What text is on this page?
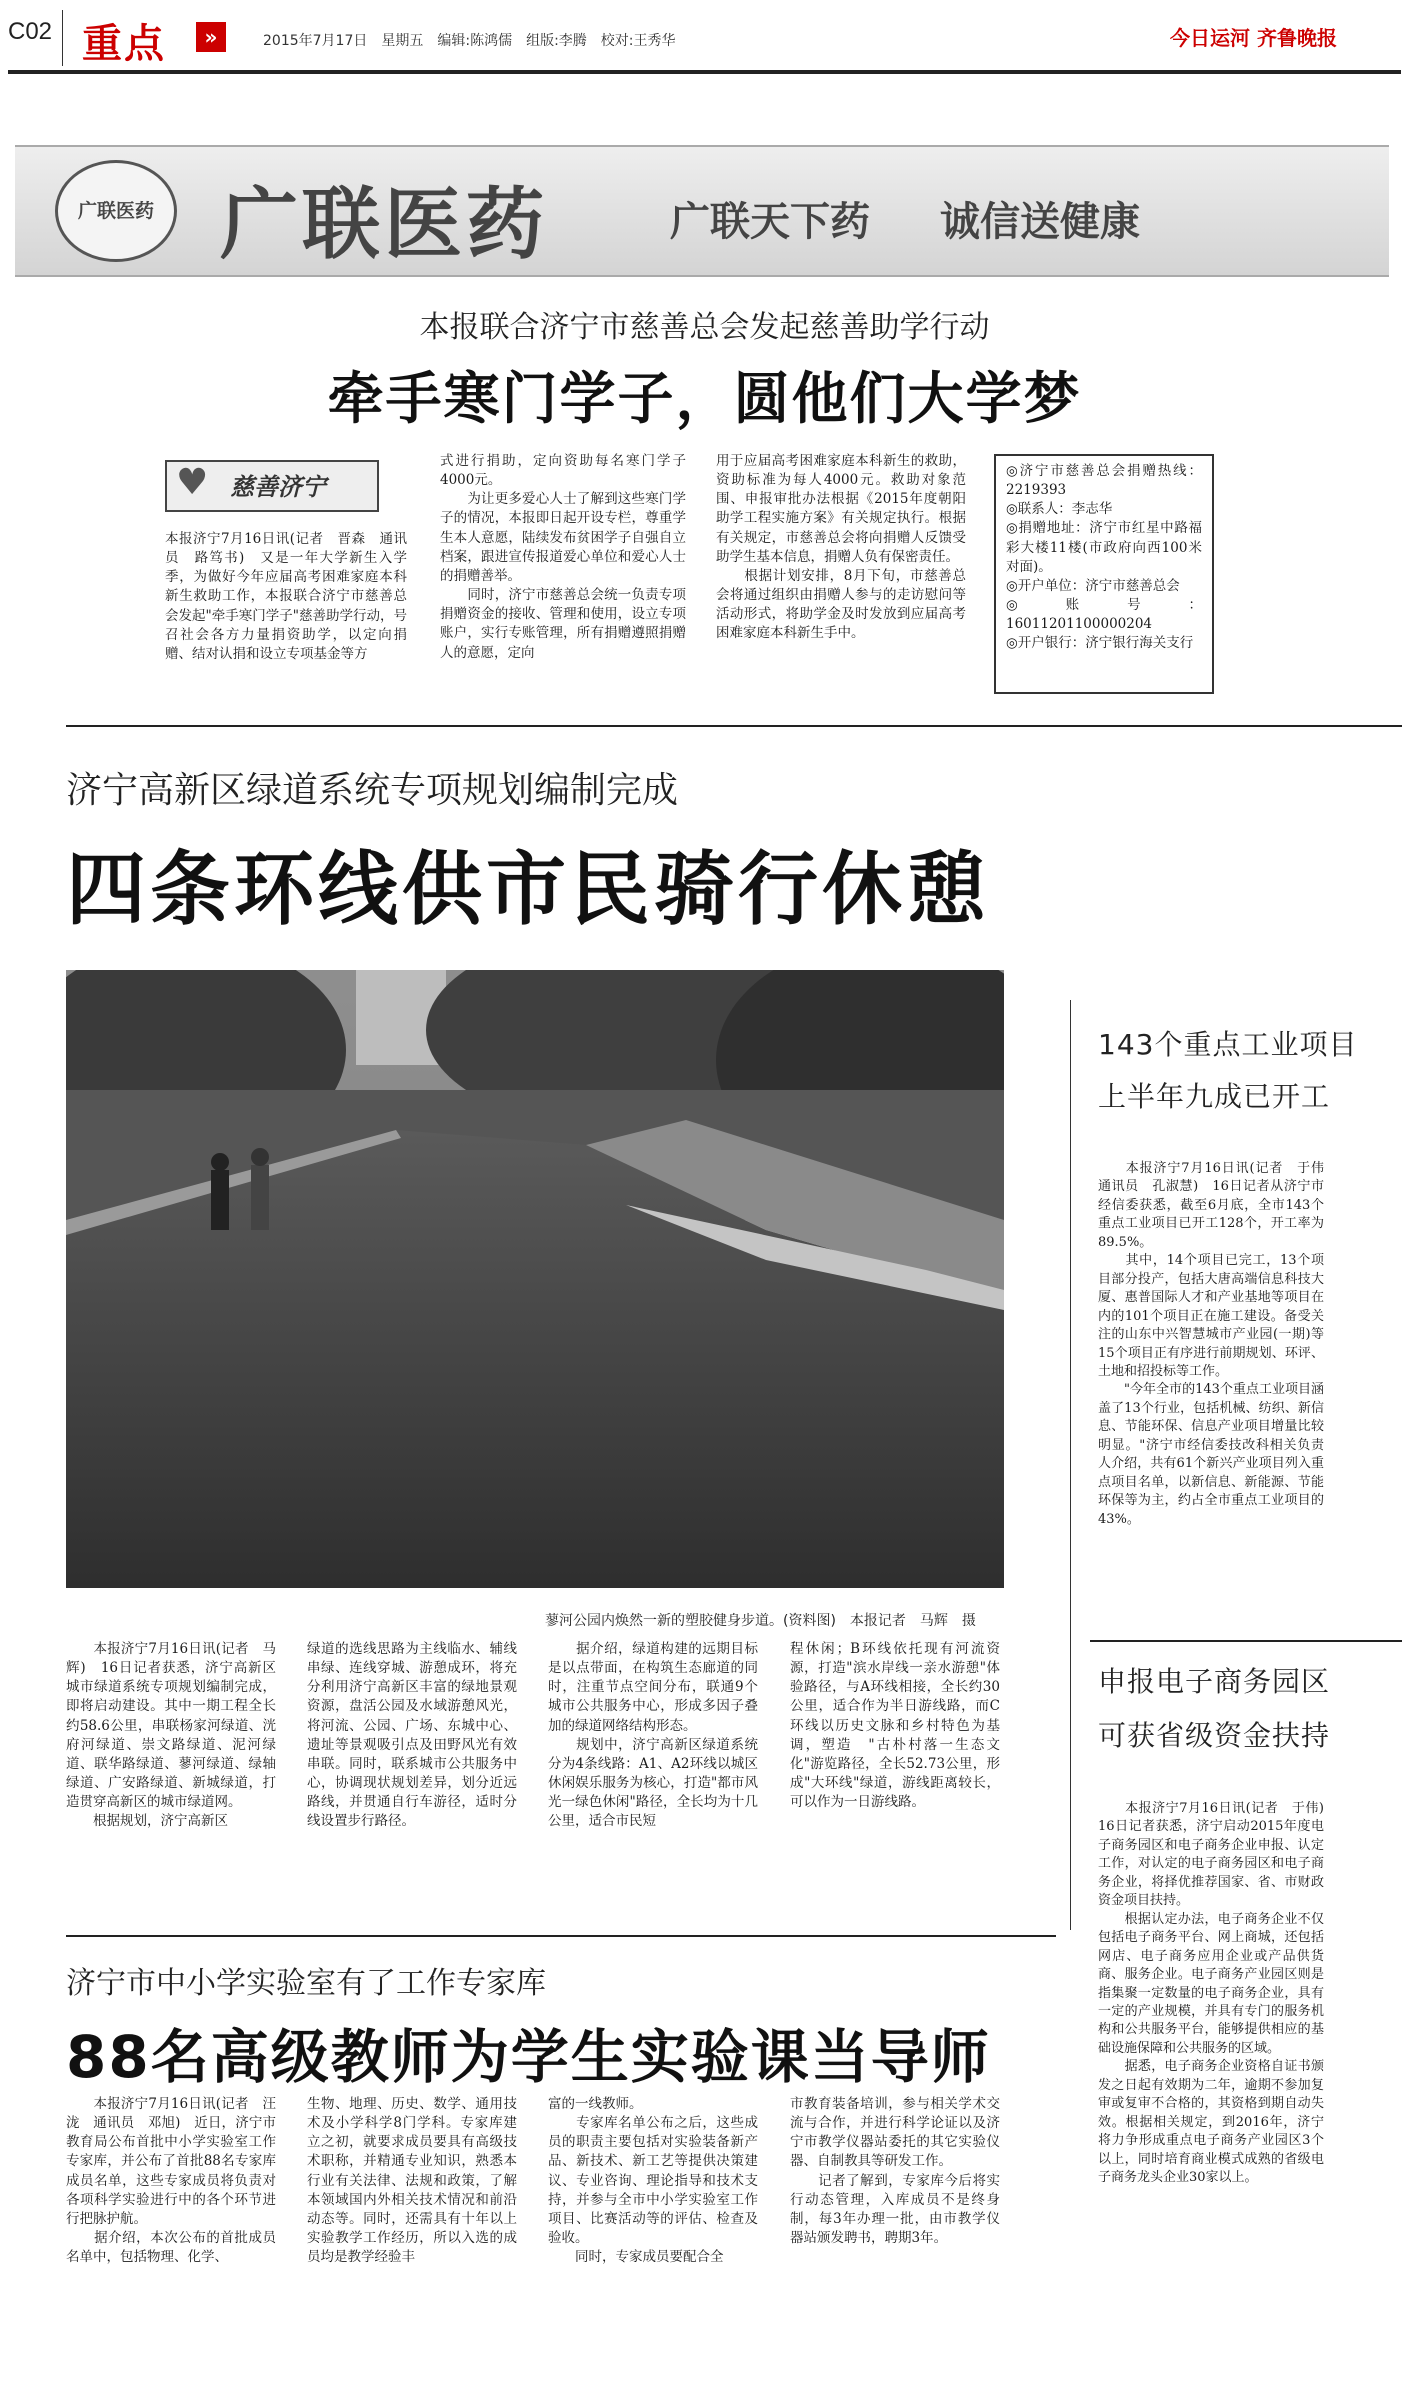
C02 重点	»	2015年7月17日　星期五　编辑:陈鸿儒　组版:李腾　校对:王秀华	今日运河 齐鲁晚报
广联医药 广联医药	广联天下药 诚信送健康
本报联合济宁市慈善总会发起慈善助学行动
牵手寒门学子，圆他们大学梦
♥ 慈善济宁
本报济宁7月16日讯(记者　晋森　通讯员　路笃书)　又是一年大学新生入学季，为做好今年应届高考困难家庭本科新生救助工作，本报联合济宁市慈善总会发起"牵手寒门学子"慈善助学行动，号召社会各方力量捐资助学，以定向捐赠、结对认捐和设立专项基金等方
式进行捐助，定向资助每名寒门学子4000元。
　　为让更多爱心人士了解到这些寒门学子的情况，本报即日起开设专栏，尊重学生本人意愿，陆续发布贫困学子自强自立档案，跟进宣传报道爱心单位和爱心人士的捐赠善举。
　　同时，济宁市慈善总会统一负责专项捐赠资金的接收、管理和使用，设立专项账户，实行专账管理，所有捐赠遵照捐赠人的意愿，定向
用于应届高考困难家庭本科新生的救助，资助标准为每人4000元。救助对象范围、申报审批办法根据《2015年度朝阳助学工程实施方案》有关规定执行。根据有关规定，市慈善总会将向捐赠人反馈受助学生基本信息，捐赠人负有保密责任。
　　根据计划安排，8月下旬，市慈善总会将通过组织由捐赠人参与的走访慰问等活动形式，将助学金及时发放到应届高考困难家庭本科新生手中。
◎济宁市慈善总会捐赠热线：2219393
◎联系人：李志华
◎捐赠地址：济宁市红星中路福彩大楼11楼(市政府向西100米对面)。
◎开户单位：济宁市慈善总会
◎账号：16011201100000204
◎开户银行：济宁银行海关支行
济宁高新区绿道系统专项规划编制完成
四条环线供市民骑行休憩
蓼河公园内焕然一新的塑胶健身步道。(资料图)　本报记者　马辉　摄
　　本报济宁7月16日讯(记者　马辉)　16日记者获悉，济宁高新区城市绿道系统专项规划编制完成，即将启动建设。其中一期工程全长约58.6公里，串联杨家河绿道、洸府河绿道、崇文路绿道、泥河绿道、联华路绿道、蓼河绿道、绿轴绿道、广安路绿道、新城绿道，打造贯穿高新区的城市绿道网。
　　根据规划，济宁高新区
绿道的选线思路为主线临水、辅线串绿、连线穿城、游憩成环，将充分利用济宁高新区丰富的绿地景观资源，盘活公园及水域游憩风光，将河流、公园、广场、东城中心、遗址等景观吸引点及田野风光有效串联。同时，联系城市公共服务中心，协调现状规划差异，划分近远路线，并贯通自行车游径，适时分线设置步行路径。
　　据介绍，绿道构建的远期目标是以点带面，在构筑生态廊道的同时，注重节点空间分布，联通9个城市公共服务中心，形成多因子叠加的绿道网络结构形态。
　　规划中，济宁高新区绿道系统分为4条线路：A1、A2环线以城区休闲娱乐服务为核心，打造"都市风光一绿色休闲"路径，全长均为十几公里，适合市民短
程休闲；B环线依托现有河流资源，打造"滨水岸线一亲水游憩"体验路径，与A环线相接，全长约30公里，适合作为半日游线路，而C环线以历史文脉和乡村特色为基调，塑造　"古朴村落一生态文化"游览路径，全长52.73公里，形成"大环线"绿道，游线距离较长，可以作为一日游线路。
143个重点工业项目
上半年九成已开工
　　本报济宁7月16日讯(记者　于伟　通讯员　孔淑慧)　16日记者从济宁市经信委获悉，截至6月底，全市143个重点工业项目已开工128个，开工率为89.5%。
　　其中，14个项目已完工，13个项目部分投产，包括大唐高端信息科技大厦、惠普国际人才和产业基地等项目在内的101个项目正在施工建设。备受关注的山东中兴智慧城市产业园(一期)等15个项目正有序进行前期规划、环评、土地和招投标等工作。
　　"今年全市的143个重点工业项目涵盖了13个行业，包括机械、纺织、新信息、节能环保、信息产业项目增量比较明显。"济宁市经信委技改科相关负责人介绍，共有61个新兴产业项目列入重点项目名单，以新信息、新能源、节能环保等为主，约占全市重点工业项目的43%。
申报电子商务园区
可获省级资金扶持
　　本报济宁7月16日讯(记者　于伟)　16日记者获悉，济宁启动2015年度电子商务园区和电子商务企业申报、认定工作，对认定的电子商务园区和电子商务企业，将择优推荐国家、省、市财政资金项目扶持。
　　根据认定办法，电子商务企业不仅包括电子商务平台、网上商城，还包括网店、电子商务应用企业或产品供货商、服务企业。电子商务产业园区则是指集聚一定数量的电子商务企业，具有一定的产业规模，并具有专门的服务机构和公共服务平台，能够提供相应的基础设施保障和公共服务的区域。
　　据悉，电子商务企业资格自证书颁发之日起有效期为二年，逾期不参加复审或复审不合格的，其资格到期自动失效。根据相关规定，到2016年，济宁将力争形成重点电子商务产业园区3个以上，同时培育商业模式成熟的省级电子商务龙头企业30家以上。
济宁市中小学实验室有了工作专家库
88名高级教师为学生实验课当导师
　　本报济宁7月16日讯(记者　汪泷　通讯员　邓旭)　近日，济宁市教育局公布首批中小学实验室工作专家库，并公布了首批88名专家库成员名单，这些专家成员将负责对各项科学实验进行中的各个环节进行把脉护航。
　　据介绍，本次公布的首批成员名单中，包括物理、化学、
生物、地理、历史、数学、通用技术及小学科学8门学科。专家库建立之初，就要求成员要具有高级技术职称，并精通专业知识，熟悉本行业有关法律、法规和政策，了解本领域国内外相关技术情况和前沿动态等。同时，还需具有十年以上实验教学工作经历，所以入选的成员均是教学经验丰
富的一线教师。
　　专家库名单公布之后，这些成员的职责主要包括对实验装备新产品、新技术、新工艺等提供决策建议、专业咨询、理论指导和技术支持，并参与全市中小学实验室工作项目、比赛活动等的评估、检查及验收。
　　同时，专家成员要配合全
市教育装备培训，参与相关学术交流与合作，并进行科学论证以及济宁市教学仪器站委托的其它实验仪器、自制教具等研发工作。
　　记者了解到，专家库今后将实行动态管理，入库成员不是终身制，每3年办理一批，由市教学仪器站颁发聘书，聘期3年。
